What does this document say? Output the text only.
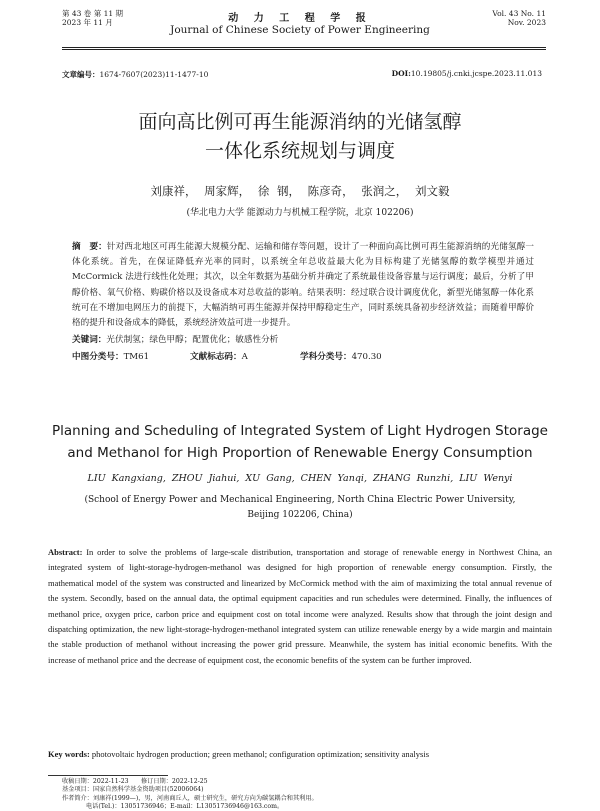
第 43 卷 第 11 期
2023 年 11 月	动 力 工 程 学 报
Journal of Chinese Society of Power Engineering
Vol. 43 No. 11
Nov. 2023
文章编号：1674-7607(2023)11-1477-10	DOI:10.19805/j.cnki.jcspe.2023.11.013
面向高比例可再生能源消纳的光储氢醇
一体化系统规划与调度
刘康祥， 周家辉， 徐 钢， 陈彦奇， 张润之， 刘文毅
(华北电力大学 能源动力与机械工程学院，北京 102206)
摘　要：针对西北地区可再生能源大规模分配、运输和储存等问题，设计了一种面向高比例可再生能源消纳的光储氢醇一体化系统。首先，在保证降低弃光率的同时，以系统全年总收益最大化为目标构建了光储氢醇的数学模型并通过 McCormick 法进行线性化处理；其次，以全年数据为基础分析并确定了系统最佳设备容量与运行调度；最后，分析了甲醇价格、氧气价格、购碳价格以及设备成本对总收益的影响。结果表明：经过联合设计调度优化，新型光储氢醇一体化系统可在不增加电网压力的前提下，大幅消纳可再生能源并保持甲醇稳定生产，同时系统具备初步经济效益；而随着甲醇价格的提升和设备成本的降低，系统经济效益可进一步提升。
关键词：光伏制氢；绿色甲醇；配置优化；敏感性分析
中图分类号：TM61	文献标志码：A	学科分类号：470.30
Planning and Scheduling of Integrated System of Light Hydrogen Storage
and Methanol for High Proportion of Renewable Energy Consumption
LIU Kangxiang, ZHOU Jiahui, XU Gang, CHEN Yanqi, ZHANG Runzhi, LIU Wenyi
(School of Energy Power and Mechanical Engineering, North China Electric Power University,
Beijing 102206, China)
Abstract: In order to solve the problems of large-scale distribution, transportation and storage of renewable energy in Northwest China, an integrated system of light-storage-hydrogen-methanol was designed for high proportion of renewable energy consumption. Firstly, the mathematical model of the system was constructed and linearized by McCormick method with the aim of maximizing the total annual revenue of the system. Secondly, based on the annual data, the optimal equipment capacities and run schedules were determined. Finally, the influences of methanol price, oxygen price, carbon price and equipment cost on total income were analyzed. Results show that through the joint design and dispatching optimization, the new light-storage-hydrogen-methanol integrated system can utilize renewable energy by a wide margin and maintain the stable production of methanol without increasing the power grid pressure. Meanwhile, the system has initial economic benefits. With the increase of methanol price and the decrease of equipment cost, the economic benefits of the system can be further improved.
Key words: photovoltaic hydrogen production; green methanol; configuration optimization; sensitivity analysis
收稿日期：2022-11-23　　修订日期：2022-12-25
基金项目：国家自然科学基金资助项目(52006064)
作者简介：刘康祥(1999—)，男，河南商丘人，硕士研究生，研究方向为碳氢耦合和其利用。
电话(Tel.)：13051736946；E-mail：L13051736946@163.com。
